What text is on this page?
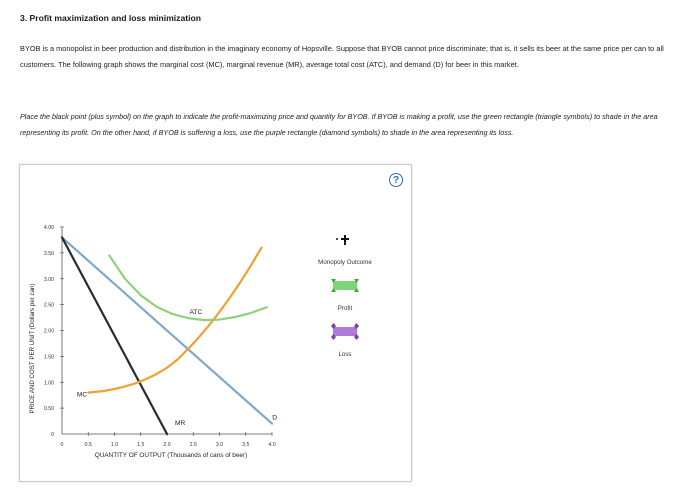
3. Profit maximization and loss minimization
BYOB is a monopolist in beer production and distribution in the imaginary economy of Hopsville. Suppose that BYOB cannot price discriminate; that is, it sells its beer at the same price per can to all customers. The following graph shows the marginal cost (MC), marginal revenue (MR), average total cost (ATC), and demand (D) for beer in this market.
Place the black point (plus symbol) on the graph to indicate the profit-maximizing price and quantity for BYOB. If BYOB is making a profit, use the green rectangle (triangle symbols) to shade in the area representing its profit. On the other hand, if BYOB is suffering a loss, use the purple rectangle (diamond symbols) to shade in the area representing its loss.
?
0
0.50
1.00
1.50
2.00
2.50
3.00
3.50
4.00
0	0.5	1.0	1.5	2.0	2.5	3.0	3.5	4.0
QUANTITY OF OUTPUT (Thousands of cans of beer)
PRICE AND COST PER UNIT (Dollars per can)
D
MR
MC
ATC
Monopoly Outcome
Profit
Loss
